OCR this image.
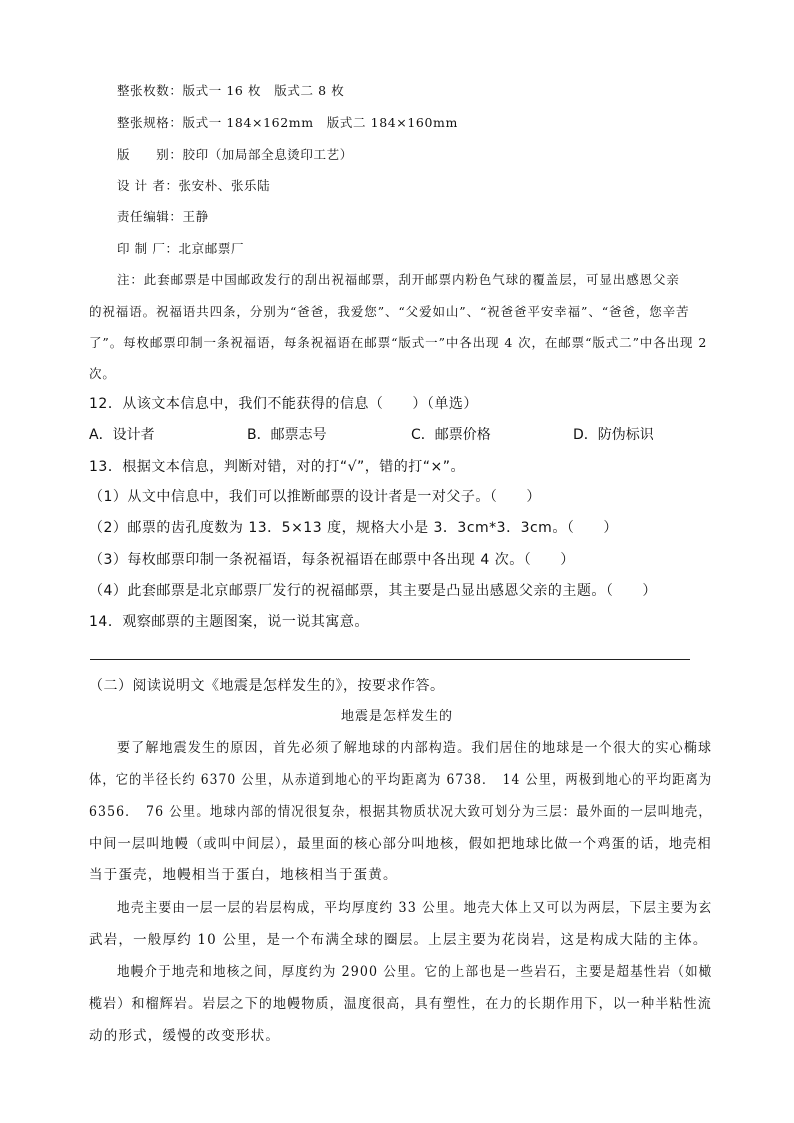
整张枚数：版式一 16 枚　版式二 8 枚

整张规格：版式一 184×162mm　版式二 184×160mm

版　　别：胶印（加局部全息烫印工艺）

设 计 者：张安朴、张乐陆

责任编辑：王静

印 制 厂：北京邮票厂

注：此套邮票是中国邮政发行的刮出祝福邮票，刮开邮票内粉色气球的覆盖层，可显出感恩父亲

的祝福语。祝福语共四条，分别为“爸爸，我爱您”、“父爱如山”、“祝爸爸平安幸福”、“爸爸，您辛苦

了”。每枚邮票印制一条祝福语，每条祝福语在邮票“版式一”中各出现 4 次，在邮票“版式二”中各出现 2

次。

12．从该文本信息中，我们不能获得的信息（　　）（单选）

A．设计者	B．邮票志号	C．邮票价格	D．防伪标识

13．根据文本信息，判断对错，对的打“√”，错的打“×”。

（1）从文中信息中，我们可以推断邮票的设计者是一对父子。（　　）

（2）邮票的齿孔度数为 13．5×13 度，规格大小是 3．3cm*3．3cm。（　　）

（3）每枚邮票印制一条祝福语，每条祝福语在邮票中各出现 4 次。（　　）

（4）此套邮票是北京邮票厂发行的祝福邮票，其主要是凸显出感恩父亲的主题。（　　）

14．观察邮票的主题图案，说一说其寓意。

（二）阅读说明文《地震是怎样发生的》，按要求作答。

地震是怎样发生的

要了解地震发生的原因，首先必须了解地球的内部构造。我们居住的地球是一个很大的实心椭球

体，它的半径长约 6370 公里，从赤道到地心的平均距离为 6738．　14 公里，两极到地心的平均距离为

6356．　76 公里。地球内部的情况很复杂，根据其物质状况大致可划分为三层：最外面的一层叫地壳，

中间一层叫地幔（或叫中间层），最里面的核心部分叫地核，假如把地球比做一个鸡蛋的话，地壳相

当于蛋壳，地幔相当于蛋白，地核相当于蛋黄。

地壳主要由一层一层的岩层构成，平均厚度约 33 公里。地壳大体上又可以为两层，下层主要为玄

武岩，一般厚约 10 公里，是一个布满全球的圈层。上层主要为花岗岩，这是构成大陆的主体。

地幔介于地壳和地核之间，厚度约为 2900 公里。它的上部也是一些岩石，主要是超基性岩（如橄

榄岩）和榴辉岩。岩层之下的地幔物质，温度很高，具有塑性，在力的长期作用下，以一种半粘性流

动的形式，缓慢的改变形状。
